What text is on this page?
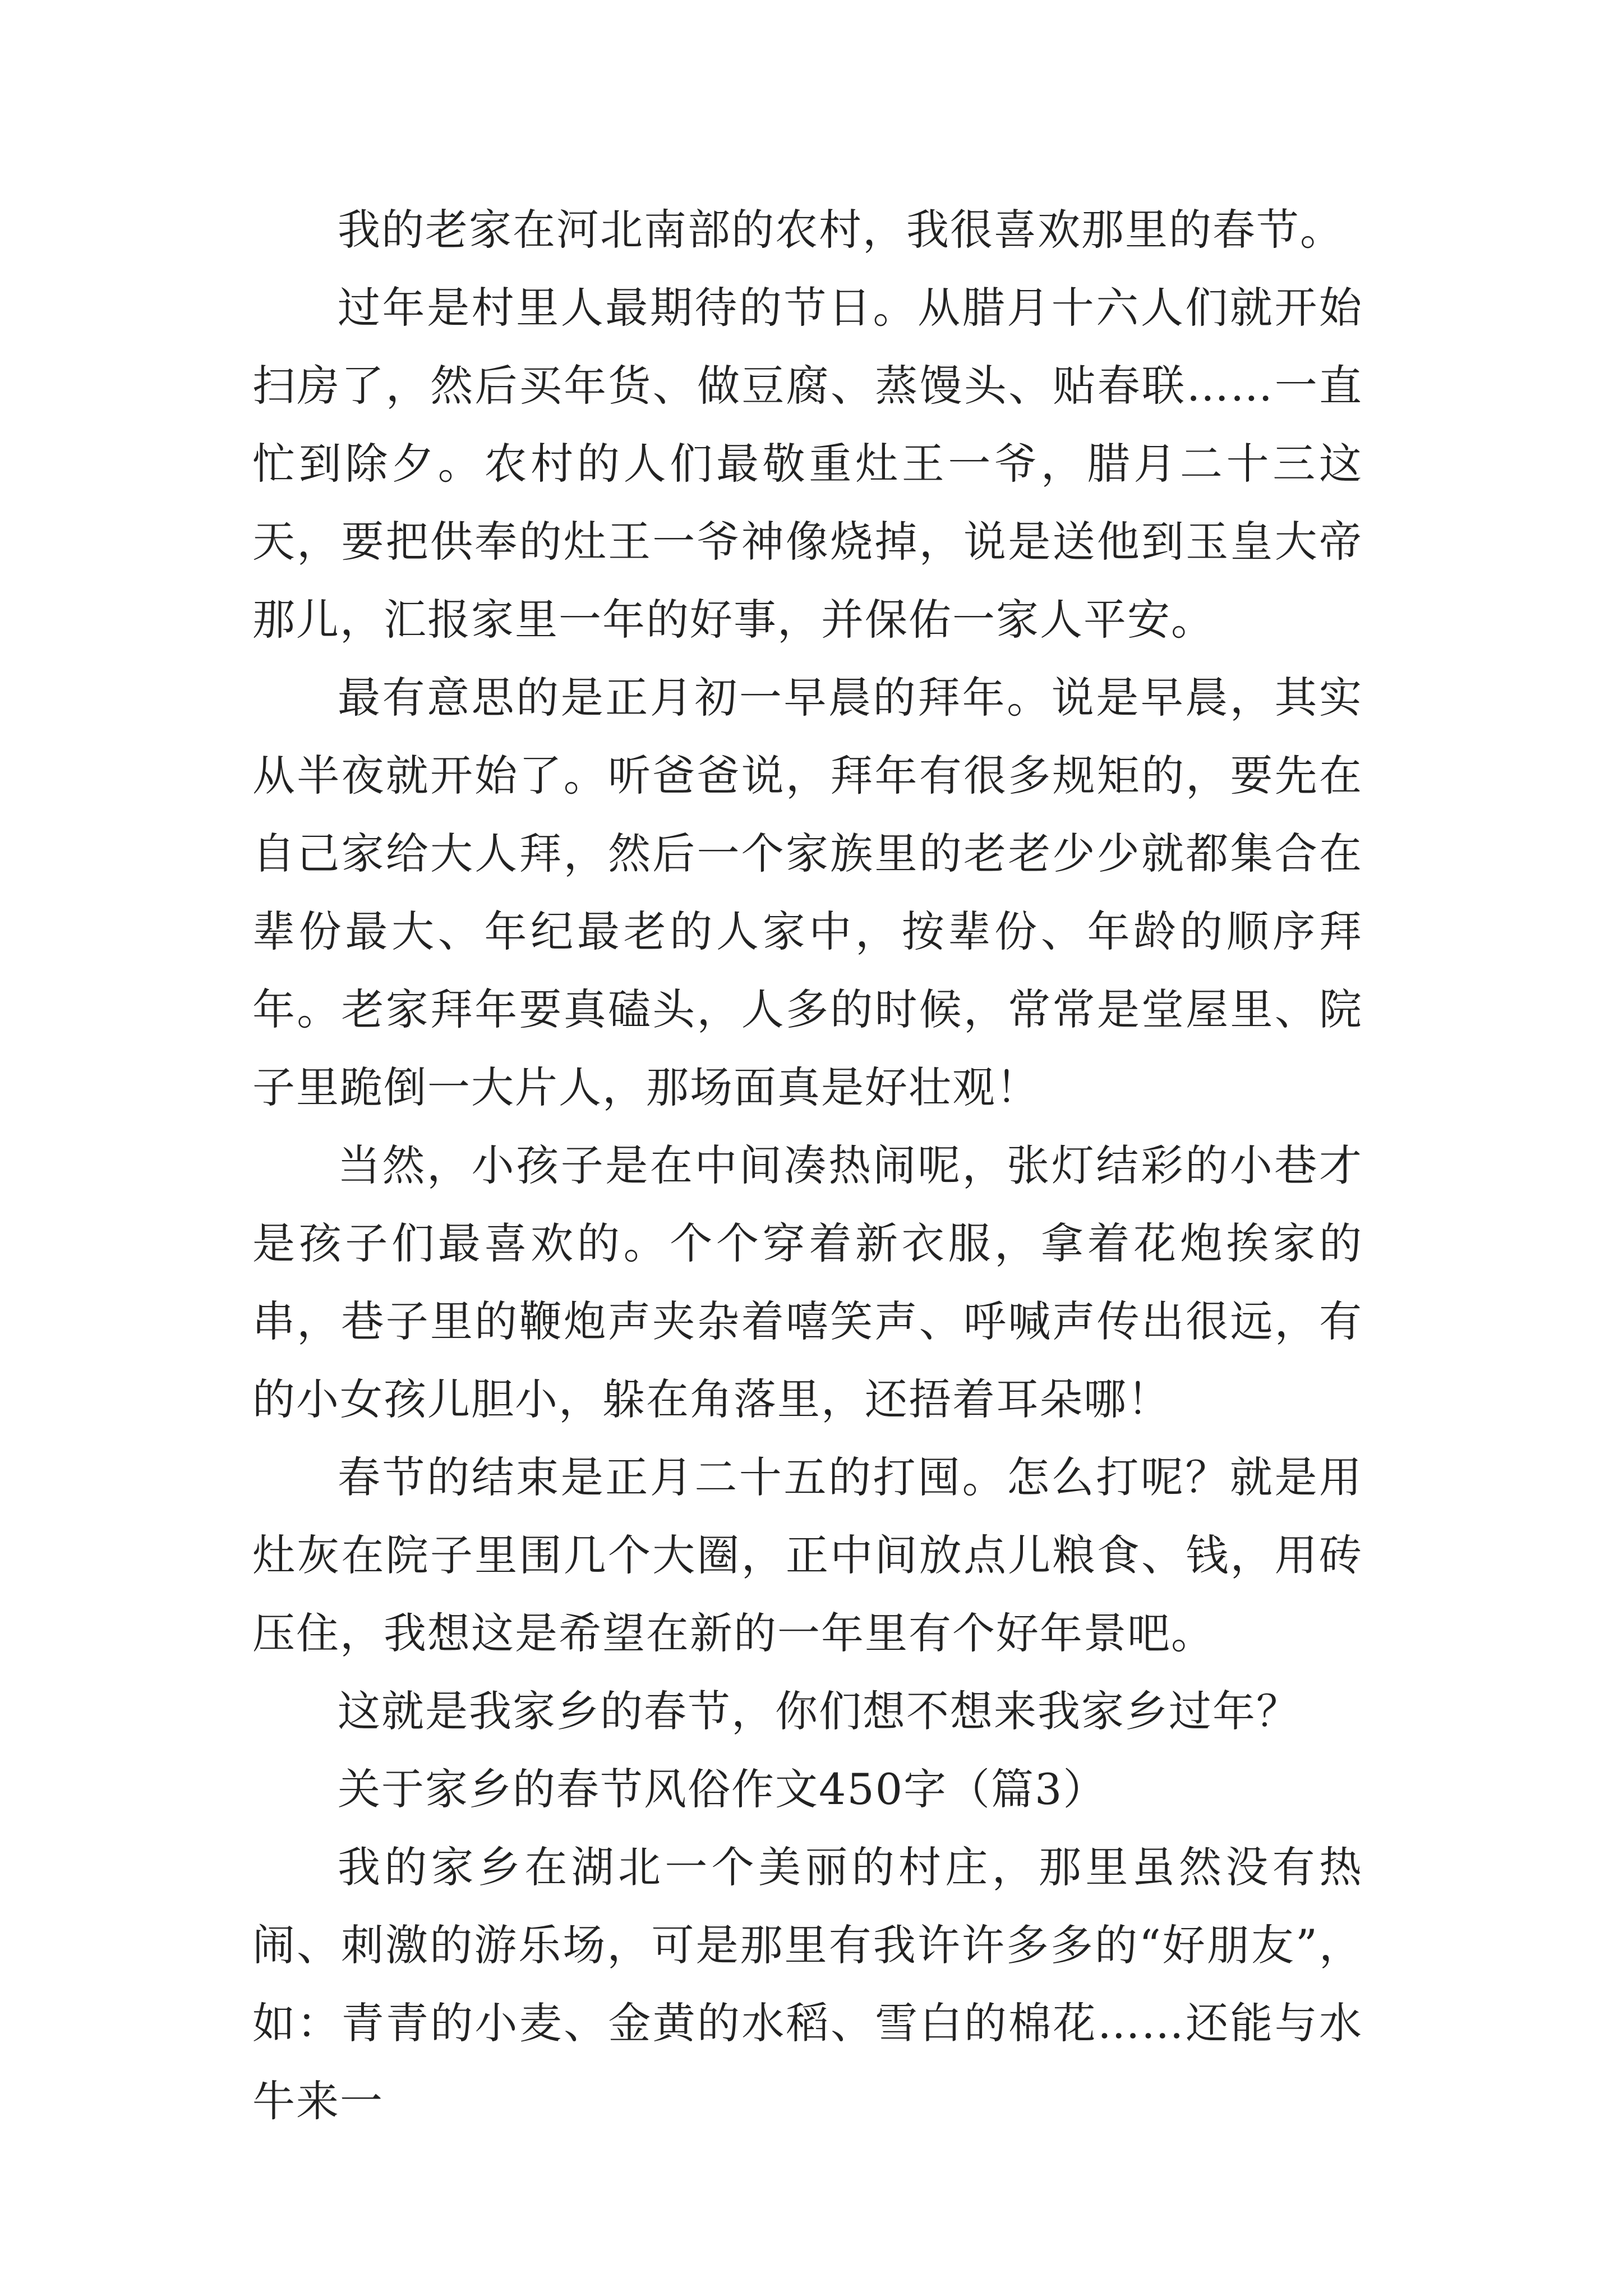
我的老家在河北南部的农村，我很喜欢那里的春节。

过年是村里人最期待的节日。从腊月十六人们就开始扫房了，然后买年货、做豆腐、蒸馒头、贴春联……一直忙到除夕。农村的人们最敬重灶王一爷，腊月二十三这天，要把供奉的灶王一爷神像烧掉，说是送他到玉皇大帝那儿，汇报家里一年的好事，并保佑一家人平安。

最有意思的是正月初一早晨的拜年。说是早晨，其实从半夜就开始了。听爸爸说，拜年有很多规矩的，要先在自己家给大人拜，然后一个家族里的老老少少就都集合在辈份最大、年纪最老的人家中，按辈份、年龄的顺序拜年。老家拜年要真磕头，人多的时候，常常是堂屋里、院子里跪倒一大片人，那场面真是好壮观！

当然，小孩子是在中间凑热闹呢，张灯结彩的小巷才是孩子们最喜欢的。个个穿着新衣服，拿着花炮挨家的串，巷子里的鞭炮声夹杂着嘻笑声、呼喊声传出很远，有的小女孩儿胆小，躲在角落里，还捂着耳朵哪！

春节的结束是正月二十五的打囤。怎么打呢？就是用灶灰在院子里围几个大圈，正中间放点儿粮食、钱，用砖压住，我想这是希望在新的一年里有个好年景吧。

这就是我家乡的春节，你们想不想来我家乡过年？

关于家乡的春节风俗作文450字（篇3）

我的家乡在湖北一个美丽的村庄，那里虽然没有热闹、刺激的游乐场，可是那里有我许许多多的“好朋友”，如：青青的小麦、金黄的水稻、雪白的棉花……还能与水牛来一
